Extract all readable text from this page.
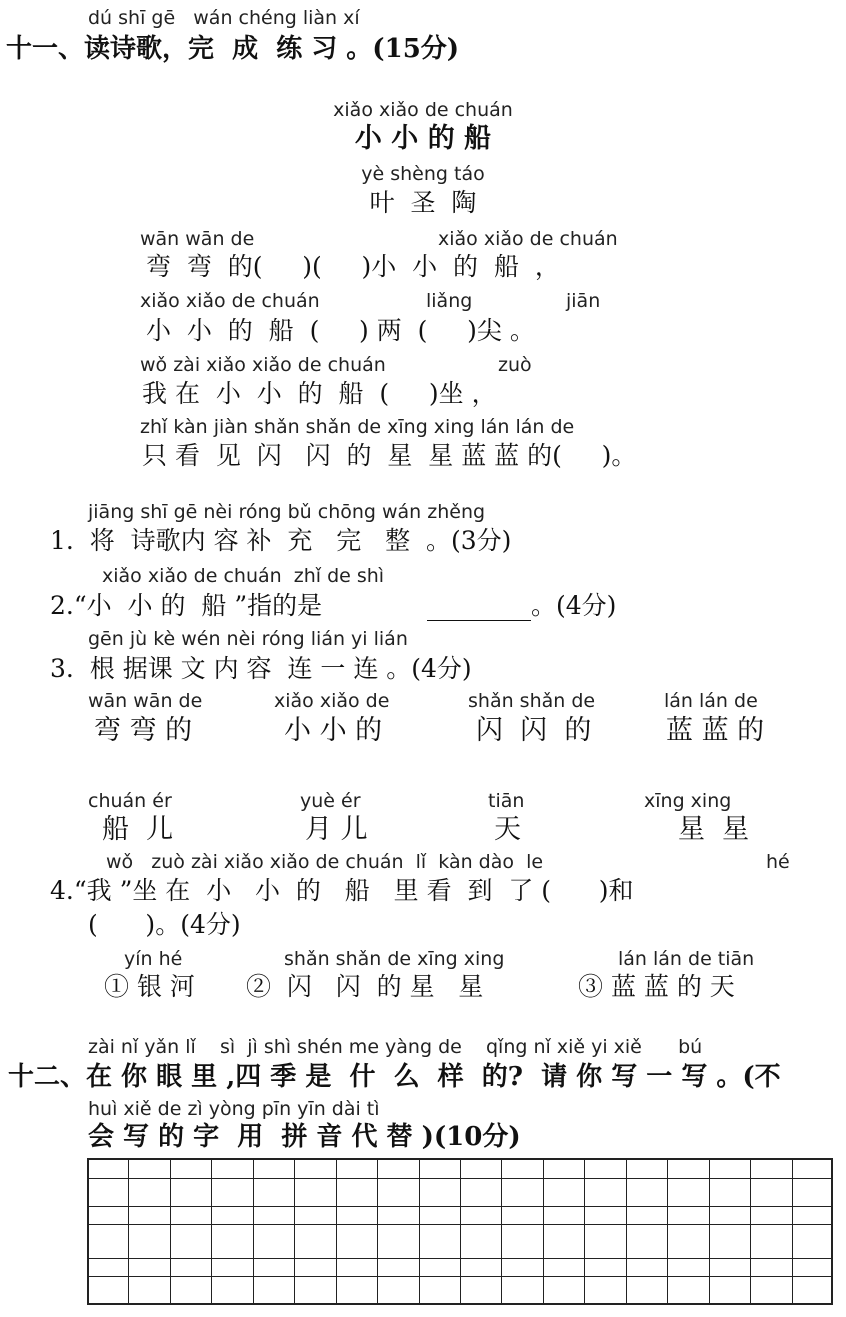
dú shī gē   wán chéng liàn xí
十一、读诗歌，完  成  练 习 。(15分)
xiǎo xiǎo de chuán
小 小 的 船
yè shèng táo
叶  圣  陶
wān wān de	xiǎo xiǎo de chuán
弯  弯  的(     )(     )小  小  的  船  ，
xiǎo xiǎo de chuán	liǎng	jiān
小  小  的  船  (     ) 两  (     )尖 。
wǒ zài xiǎo xiǎo de chuán	zuò
我 在  小  小  的  船  (     )坐 ，
zhǐ kàn jiàn shǎn shǎn de xīng xing lán lán de
只 看  见  闪   闪  的  星  星 蓝 蓝 的(     )。
jiāng shī gē nèi róng bǔ chōng wán zhěng
1.  将  诗歌内 容 补  充   完   整  。(3分)
xiǎo xiǎo de chuán  zhǐ de shì
2.“小  小 的  船 ”指的是	。(4分)
gēn jù kè wén nèi róng lián yi lián
3.  根 据课 文 内 容  连 一 连 。(4分)
wān wān de	xiǎo xiǎo de	shǎn shǎn de	lán lán de
弯 弯 的	小 小 的	闪  闪  的	蓝 蓝 的
chuán ér	yuè ér	tiān	xīng xing
船  儿	月 儿	天	星  星
wǒ   zuò zài xiǎo xiǎo de chuán  lǐ  kàn dào  le	hé
4.“我 ”坐 在  小   小  的   船   里 看  到  了 (      )和
(      )。(4分)
yín hé	shǎn shǎn de xīng xing	lán lán de tiān
① 银 河 ②  闪   闪  的 星   星	③ 蓝 蓝 的 天
zài nǐ yǎn lǐ    sì  jì shì shén me yàng de    qǐng nǐ xiě yi xiě      bú
十二、在 你 眼 里 ,四 季 是  什  么  样  的?  请 你 写 一 写 。(不
huì xiě de zì yòng pīn yīn dài tì
会 写 的 字  用  拼 音 代 替 )(10分)
